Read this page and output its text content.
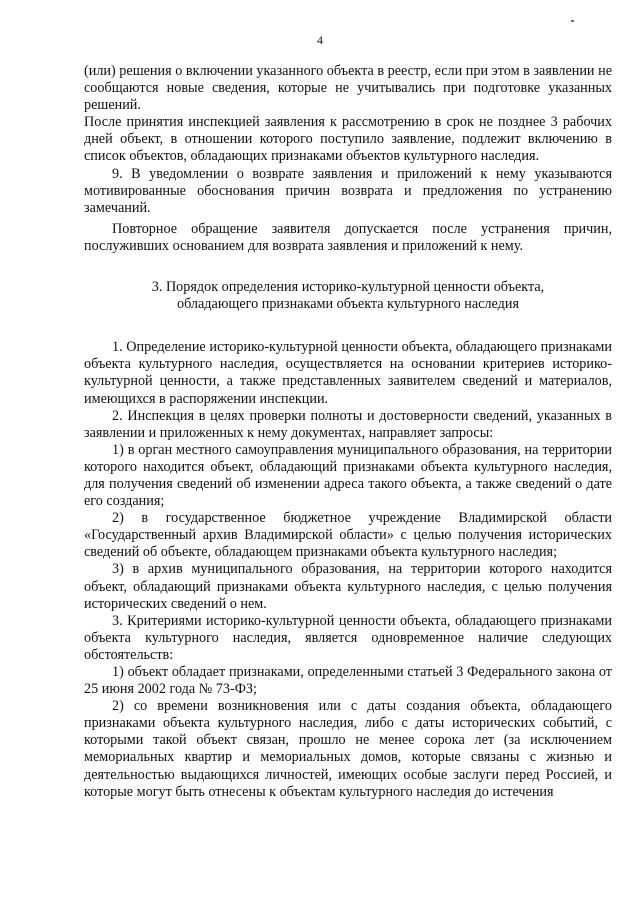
4

(или) решения о включении указанного объекта в реестр, если при этом в заявлении не сообщаются новые сведения, которые не учитывались при подготовке указанных решений.

После принятия инспекцией заявления к рассмотрению в срок не позднее 3 рабочих дней объект, в отношении которого поступило заявление, подлежит включению в список объектов, обладающих признаками объектов культурного наследия.

9. В уведомлении о возврате заявления и приложений к нему указываются мотивированные обоснования причин возврата и предложения по устранению замечаний.

Повторное обращение заявителя допускается после устранения причин, послуживших основанием для возврата заявления и приложений к нему.

3. Порядок определения историко-культурной ценности объекта,
обладающего признаками объекта культурного наследия

1. Определение историко-культурной ценности объекта, обладающего признаками объекта культурного наследия, осуществляется на основании критериев историко-культурной ценности, а также представленных заявителем сведений и материалов, имеющихся в распоряжении инспекции.

2. Инспекция в целях проверки полноты и достоверности сведений, указанных в заявлении и приложенных к нему документах, направляет запросы:

1) в орган местного самоуправления муниципального образования, на территории которого находится объект, обладающий признаками объекта культурного наследия, для получения сведений об изменении адреса такого объекта, а также сведений о дате его создания;

2) в государственное бюджетное учреждение Владимирской области «Государственный архив Владимирской области» с целью получения исторических сведений об объекте, обладающем признаками объекта культурного наследия;

3) в архив муниципального образования, на территории которого находится объект, обладающий признаками объекта культурного наследия, с целью получения исторических сведений о нем.

3. Критериями историко-культурной ценности объекта, обладающего признаками объекта культурного наследия, является одновременное наличие следующих обстоятельств:

1) объект обладает признаками, определенными статьей 3 Федерального закона от 25 июня 2002 года № 73-ФЗ;

2) со времени возникновения или с даты создания объекта, обладающего признаками объекта культурного наследия, либо с даты исторических событий, с которыми такой объект связан, прошло не менее сорока лет (за исключением мемориальных квартир и мемориальных домов, которые связаны с жизнью и деятельностью выдающихся личностей, имеющих особые заслуги перед Россией, и которые могут быть отнесены к объектам культурного наследия до истечения
